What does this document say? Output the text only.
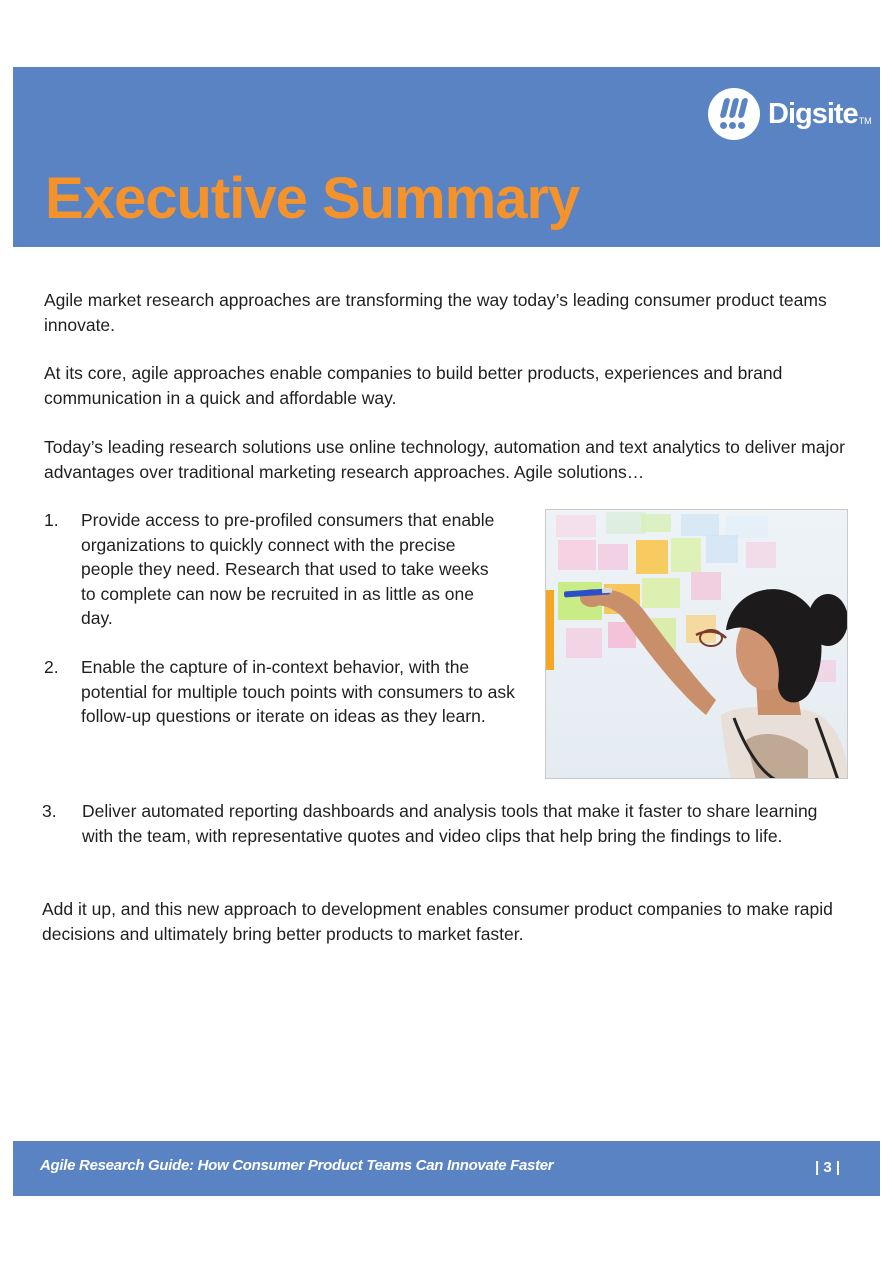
Digsite TM
Executive Summary

Agile market research approaches are transforming the way today’s leading consumer product teams innovate.

At its core, agile approaches enable companies to build better products, experiences and brand communication in a quick and affordable way.

Today’s leading research solutions use online technology, automation and text analytics to deliver major advantages over traditional marketing research approaches. Agile solutions…

1. Provide access to pre-profiled consumers that enable organizations to quickly connect with the precise people they need. Research that used to take weeks to complete can now be recruited in as little as one day.
2. Enable the capture of in-context behavior, with the potential for multiple touch points with consumers to ask follow-up questions or iterate on ideas as they learn.
3. Deliver automated reporting dashboards and analysis tools that make it faster to share learning with the team, with representative quotes and video clips that help bring the findings to life.

Add it up, and this new approach to development enables consumer product companies to make rapid decisions and ultimately bring better products to market faster.

Agile Research Guide: How Consumer Product Teams Can Innovate Faster	| 3 |
